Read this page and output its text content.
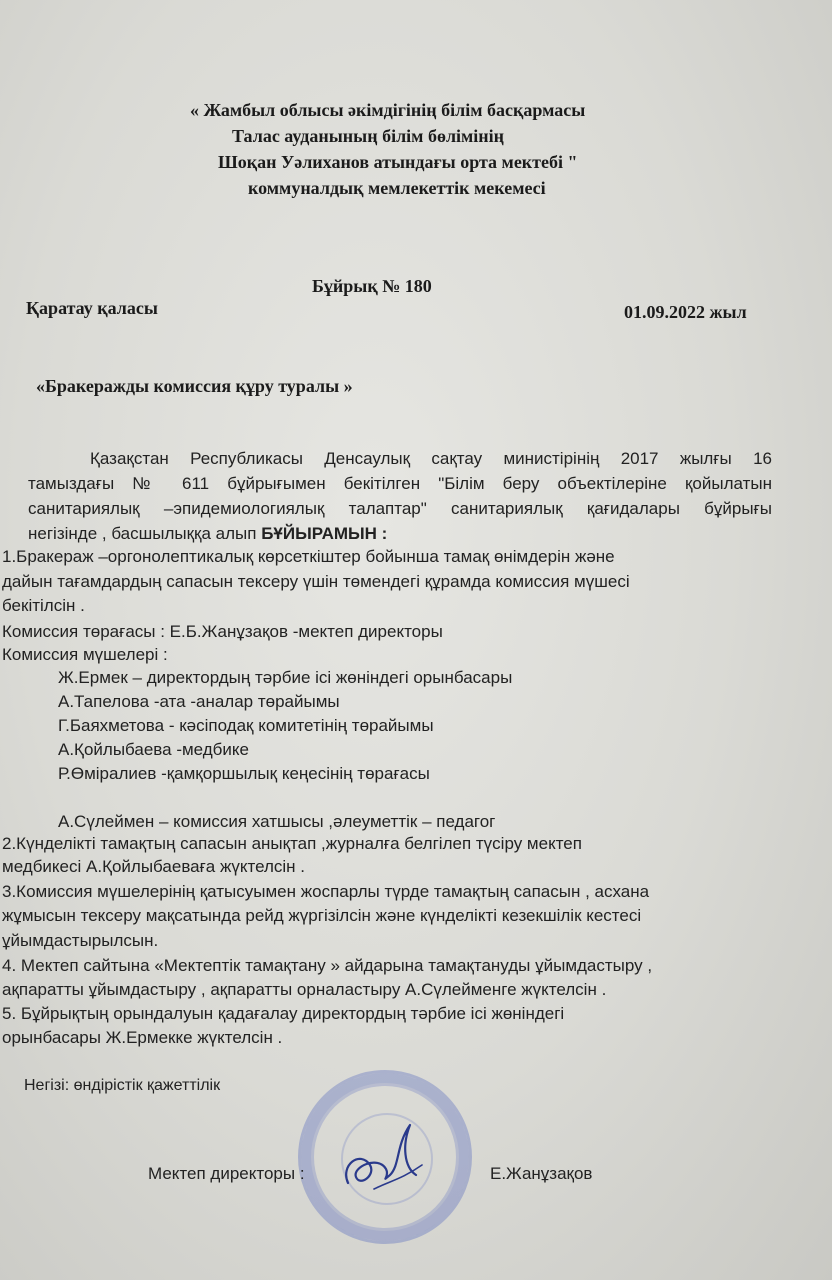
« Жамбыл облысы әкімдігінің білім басқармасы
Талас ауданының білім бөлімінің
Шоқан Уәлиханов атындағы орта мектебі "
коммуналдық мемлекеттік мекемесі
Бұйрық № 180
Қаратау қаласы	01.09.2022 жыл
«Бракеражды комиссия құру туралы »
Қазақстан Республикасы Денсаулық сақтау министірінің 2017 жылғы 16
тамыздағы № 611 бұйрығымен бекітілген "Білім беру объектілеріне қойылатын
санитариялық –эпидемиологиялық талаптар" санитариялық қағидалары бұйрығы
негізінде , басшылыққа алып БҰЙЫРАМЫН :
1.Бракераж –оргонолептикалық көрсеткіштер бойынша тамақ өнімдерін және
дайын тағамдардың сапасын тексеру үшін төмендегі құрамда комиссия мүшесі
бекітілсін .
Комиссия төрағасы : Е.Б.Жанұзақов -мектеп директоры
Комиссия мүшелері :
Ж.Ермек – директордың тәрбие ісі жөніндегі орынбасары
А.Тапелова -ата -аналар төрайымы
Г.Баяхметова - кәсіподақ комитетінің төрайымы
А.Қойлыбаева -медбике
Р.Өміралиев -қамқоршылық кеңесінің төрағасы
А.Сүлеймен – комиссия хатшысы ,әлеуметтік – педагог
2.Күнделікті тамақтың сапасын анықтап ,журналға белгілеп түсіру мектеп
медбикесі А.Қойлыбаеваға жүктелсін .
3.Комиссия мүшелерінің қатысуымен жоспарлы түрде тамақтың сапасын , асхана
жұмысын тексеру мақсатында рейд жүргізілсін және күнделікті кезекшілік кестесі
ұйымдастырылсын.
4. Мектеп сайтына «Мектептік тамақтану » айдарына тамақтануды ұйымдастыру ,
ақпаратты ұйымдастыру , ақпаратты орналастыру А.Сүлейменге жүктелсін .
5. Бұйрықтың орындалуын қадағалау директордың тәрбие ісі жөніндегі
орынбасары Ж.Ермекке жүктелсін .
Негізі: өндірістік қажеттілік
Мектеп директоры :	Е.Жанұзақов
